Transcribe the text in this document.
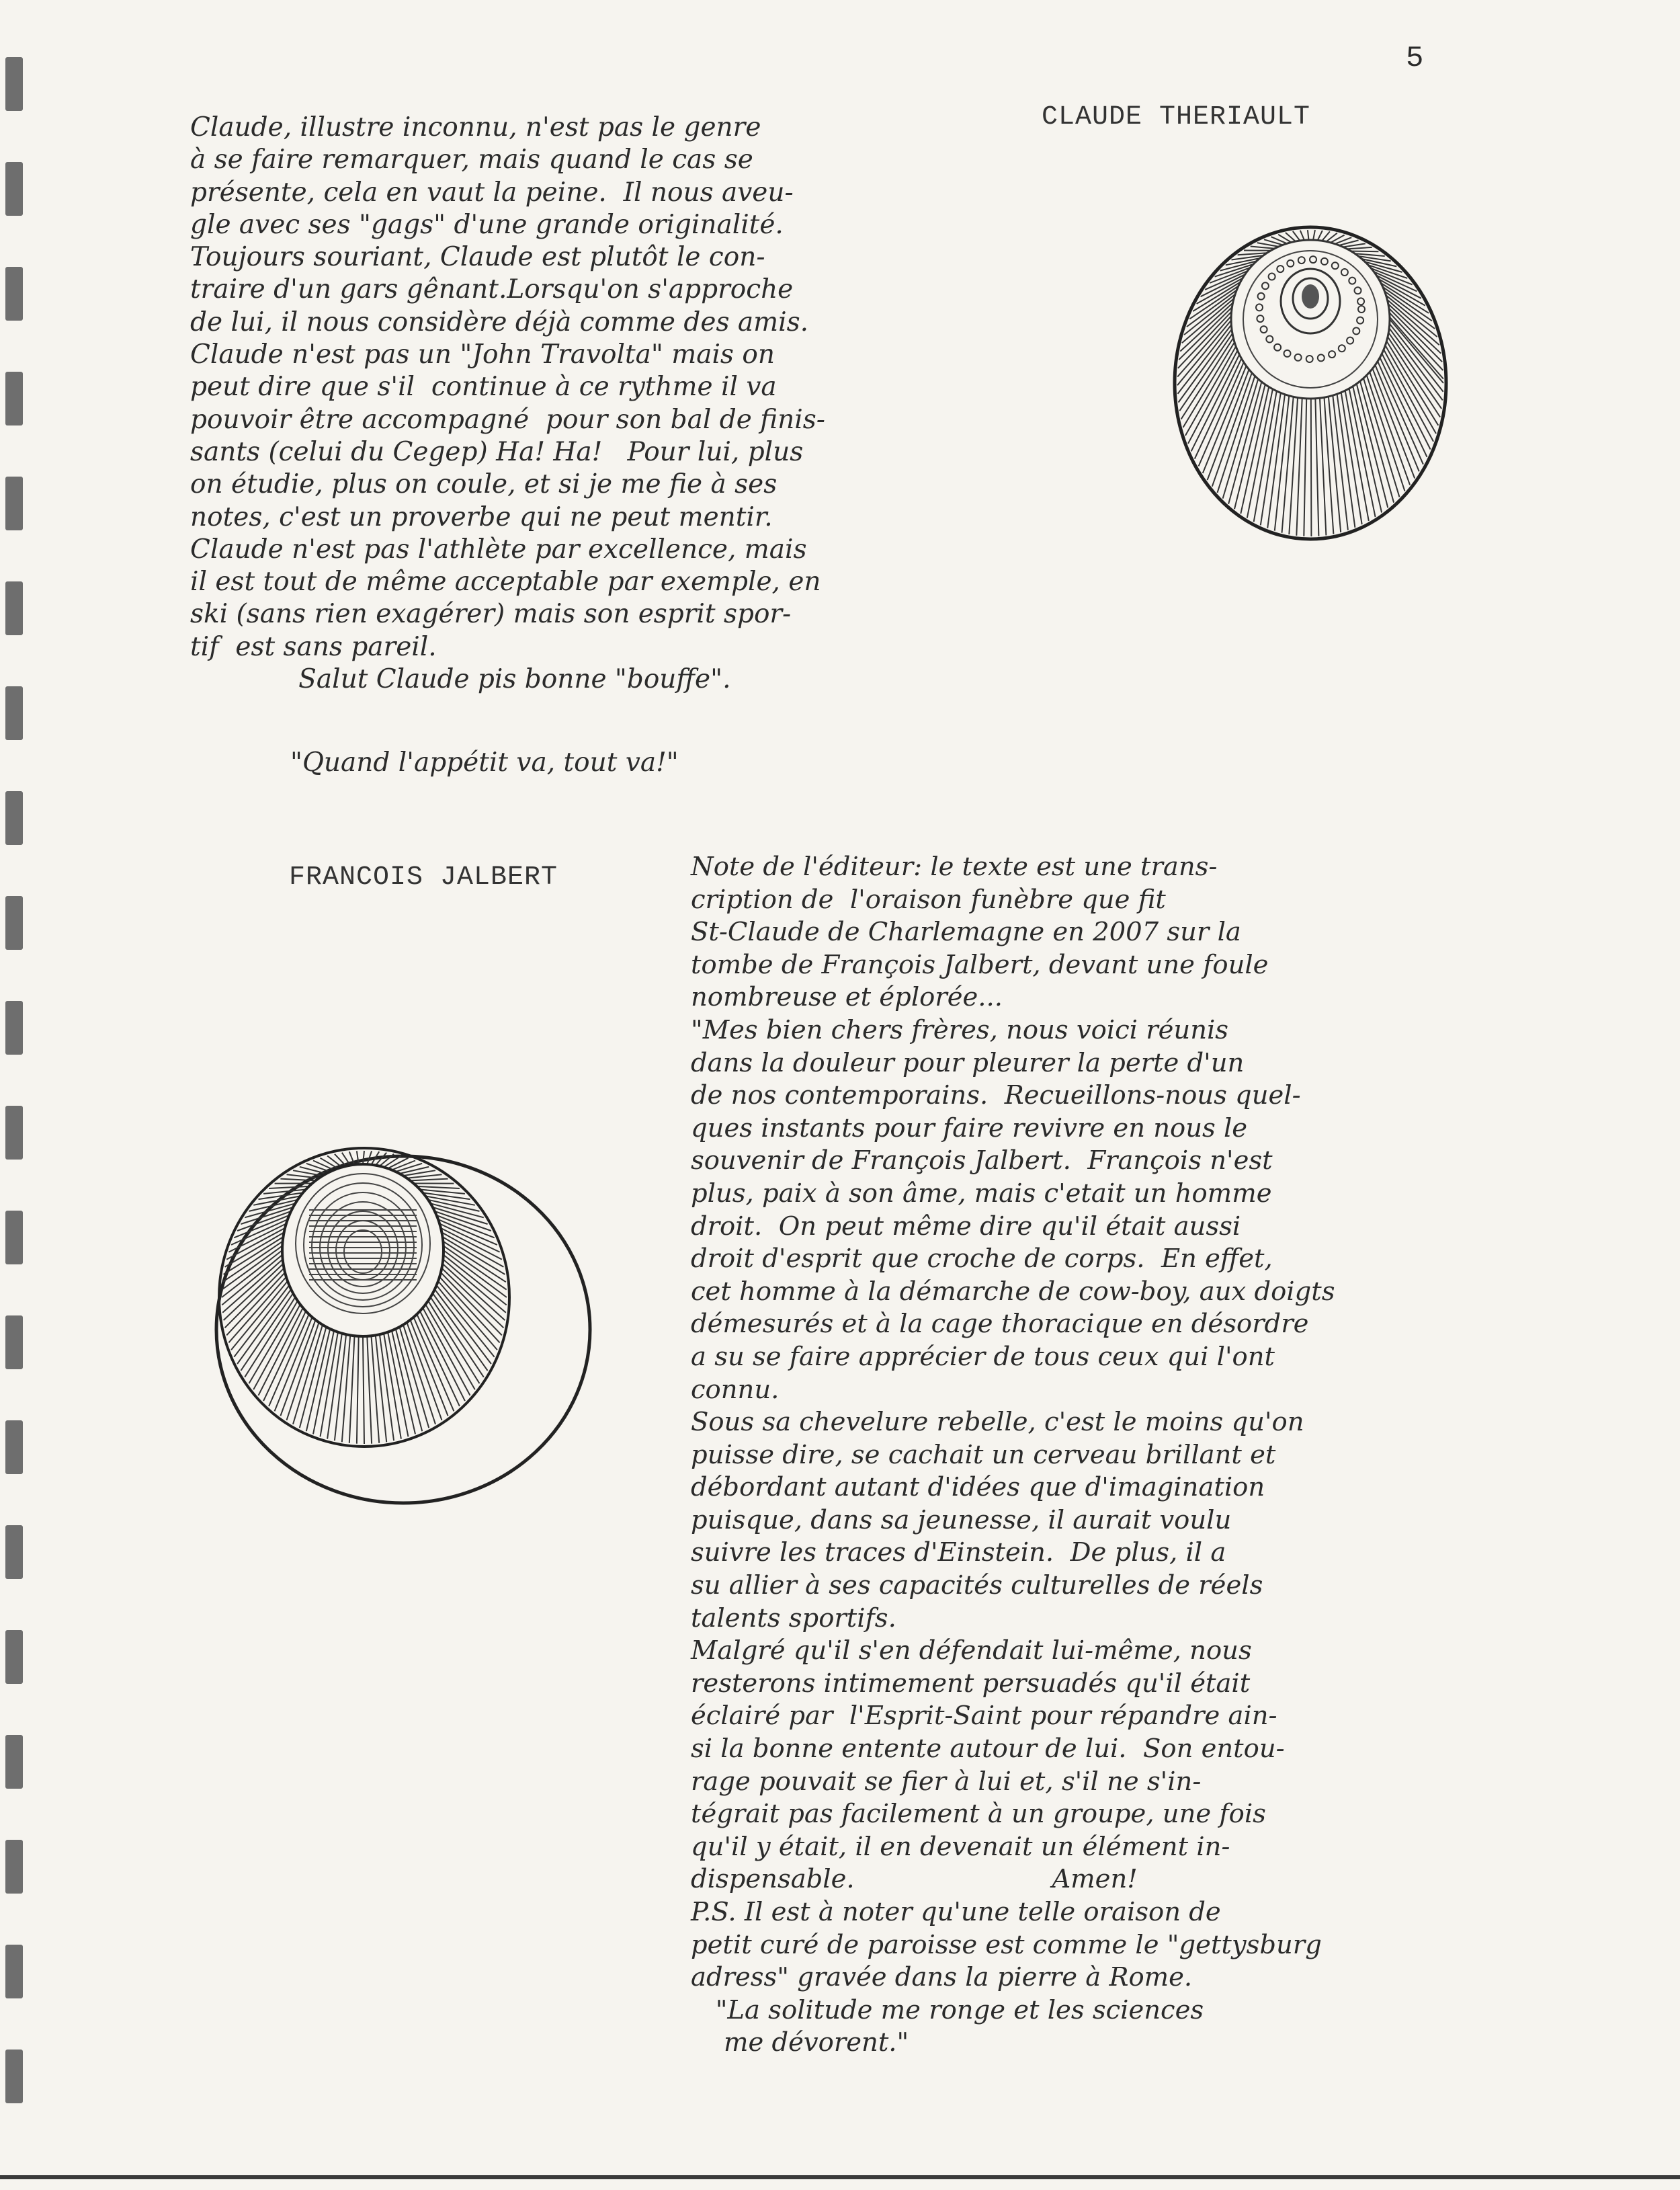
5
CLAUDE THERIAULT
Claude, illustre inconnu, n'est pas le genre
à se faire remarquer, mais quand le cas se
présente, cela en vaut la peine.  Il nous aveu-
gle avec ses "gags" d'une grande originalité.
Toujours souriant, Claude est plutôt le con-
traire d'un gars gênant.Lorsqu'on s'approche
de lui, il nous considère déjà comme des amis.
Claude n'est pas un "John Travolta" mais on
peut dire que s'il  continue à ce rythme il va
pouvoir être accompagné  pour son bal de finis-
sants (celui du Cegep) Ha! Ha!   Pour lui, plus
on étudie, plus on coule, et si je me fie à ses
notes, c'est un proverbe qui ne peut mentir.
Claude n'est pas l'athlète par excellence, mais
il est tout de même acceptable par exemple, en
ski (sans rien exagérer) mais son esprit spor-
tif  est sans pareil.
Salut Claude pis bonne "bouffe".
"Quand l'appétit va, tout va!"
FRANCOIS JALBERT	Note de l'éditeur: le texte est une trans-
cription de  l'oraison funèbre que fit
St-Claude de Charlemagne en 2007 sur la
tombe de François Jalbert, devant une foule
nombreuse et éplorée...
"Mes bien chers frères, nous voici réunis
dans la douleur pour pleurer la perte d'un
de nos contemporains.  Recueillons-nous quel-
ques instants pour faire revivre en nous le
souvenir de François Jalbert.  François n'est
plus, paix à son âme, mais c'etait un homme
droit.  On peut même dire qu'il était aussi
droit d'esprit que croche de corps.  En effet,
cet homme à la démarche de cow-boy, aux doigts
démesurés et à la cage thoracique en désordre
a su se faire apprécier de tous ceux qui l'ont
connu.
Sous sa chevelure rebelle, c'est le moins qu'on
puisse dire, se cachait un cerveau brillant et
débordant autant d'idées que d'imagination
puisque, dans sa jeunesse, il aurait voulu
suivre les traces d'Einstein.  De plus, il a
su allier à ses capacités culturelles de réels
talents sportifs.
Malgré qu'il s'en défendait lui-même, nous
resterons intimement persuadés qu'il était
éclairé par  l'Esprit-Saint pour répandre ain-
si la bonne entente autour de lui.  Son entou-
rage pouvait se fier à lui et, s'il ne s'in-
tégrait pas facilement à un groupe, une fois
qu'il y était, il en devenait un élément in-
dispensable.                        Amen!
P.S. Il est à noter qu'une telle oraison de
petit curé de paroisse est comme le "gettysburg
adress" gravée dans la pierre à Rome.
"La solitude me ronge et les sciences
me dévorent."
